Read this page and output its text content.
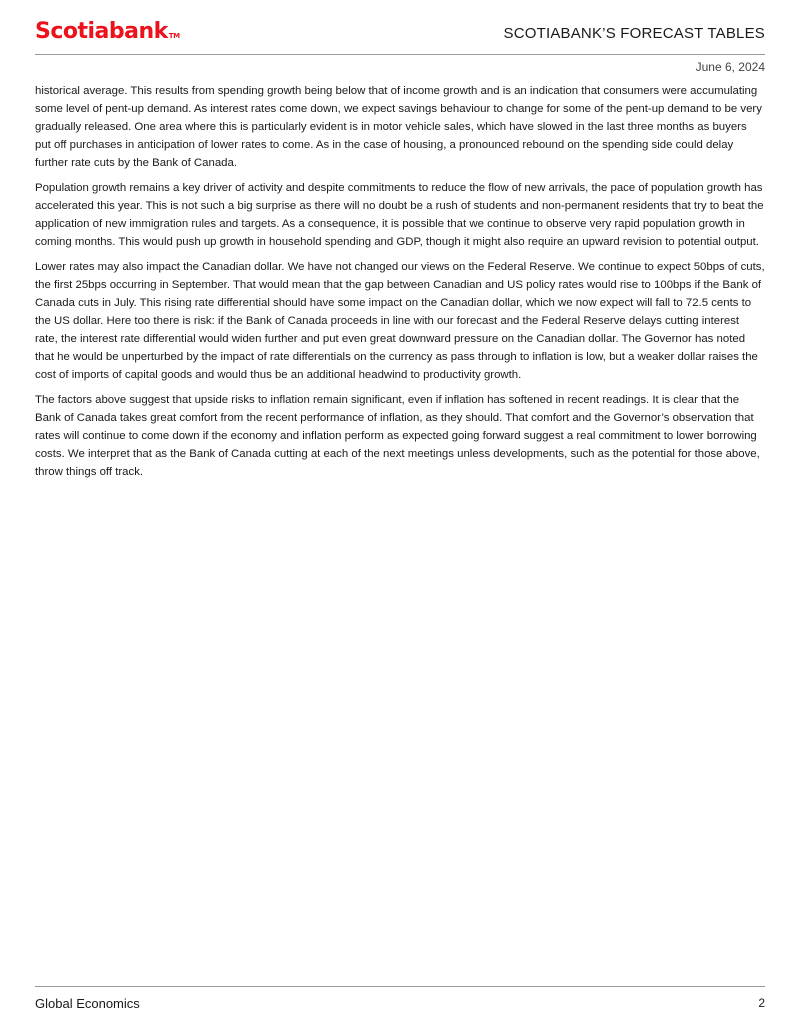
ScotiabankTM	SCOTIABANK’S FORECAST TABLES
June 6, 2024

historical average. This results from spending growth being below that of income growth and is an indication that consumers were accumulating some level of pent-up demand. As interest rates come down, we expect savings behaviour to change for some of the pent-up demand to be very gradually released. One area where this is particularly evident is in motor vehicle sales, which have slowed in the last three months as buyers put off purchases in anticipation of lower rates to come. As in the case of housing, a pronounced rebound on the spending side could delay further rate cuts by the Bank of Canada.

Population growth remains a key driver of activity and despite commitments to reduce the flow of new arrivals, the pace of population growth has accelerated this year. This is not such a big surprise as there will no doubt be a rush of students and non-permanent residents that try to beat the application of new immigration rules and targets. As a consequence, it is possible that we continue to observe very rapid population growth in coming months. This would push up growth in household spending and GDP, though it might also require an upward revision to potential output.

Lower rates may also impact the Canadian dollar. We have not changed our views on the Federal Reserve. We continue to expect 50bps of cuts, the first 25bps occurring in September. That would mean that the gap between Canadian and US policy rates would rise to 100bps if the Bank of Canada cuts in July. This rising rate differential should have some impact on the Canadian dollar, which we now expect will fall to 72.5 cents to the US dollar. Here too there is risk: if the Bank of Canada proceeds in line with our forecast and the Federal Reserve delays cutting interest rate, the interest rate differential would widen further and put even great downward pressure on the Canadian dollar. The Governor has noted that he would be unperturbed by the impact of rate differentials on the currency as pass through to inflation is low, but a weaker dollar raises the cost of imports of capital goods and would thus be an additional headwind to productivity growth.

The factors above suggest that upside risks to inflation remain significant, even if inflation has softened in recent readings. It is clear that the Bank of Canada takes great comfort from the recent performance of inflation, as they should. That comfort and the Governor’s observation that rates will continue to come down if the economy and inflation perform as expected going forward suggest a real commitment to lower borrowing costs. We interpret that as the Bank of Canada cutting at each of the next meetings unless developments, such as the potential for those above, throw things off track.

Global Economics	2
